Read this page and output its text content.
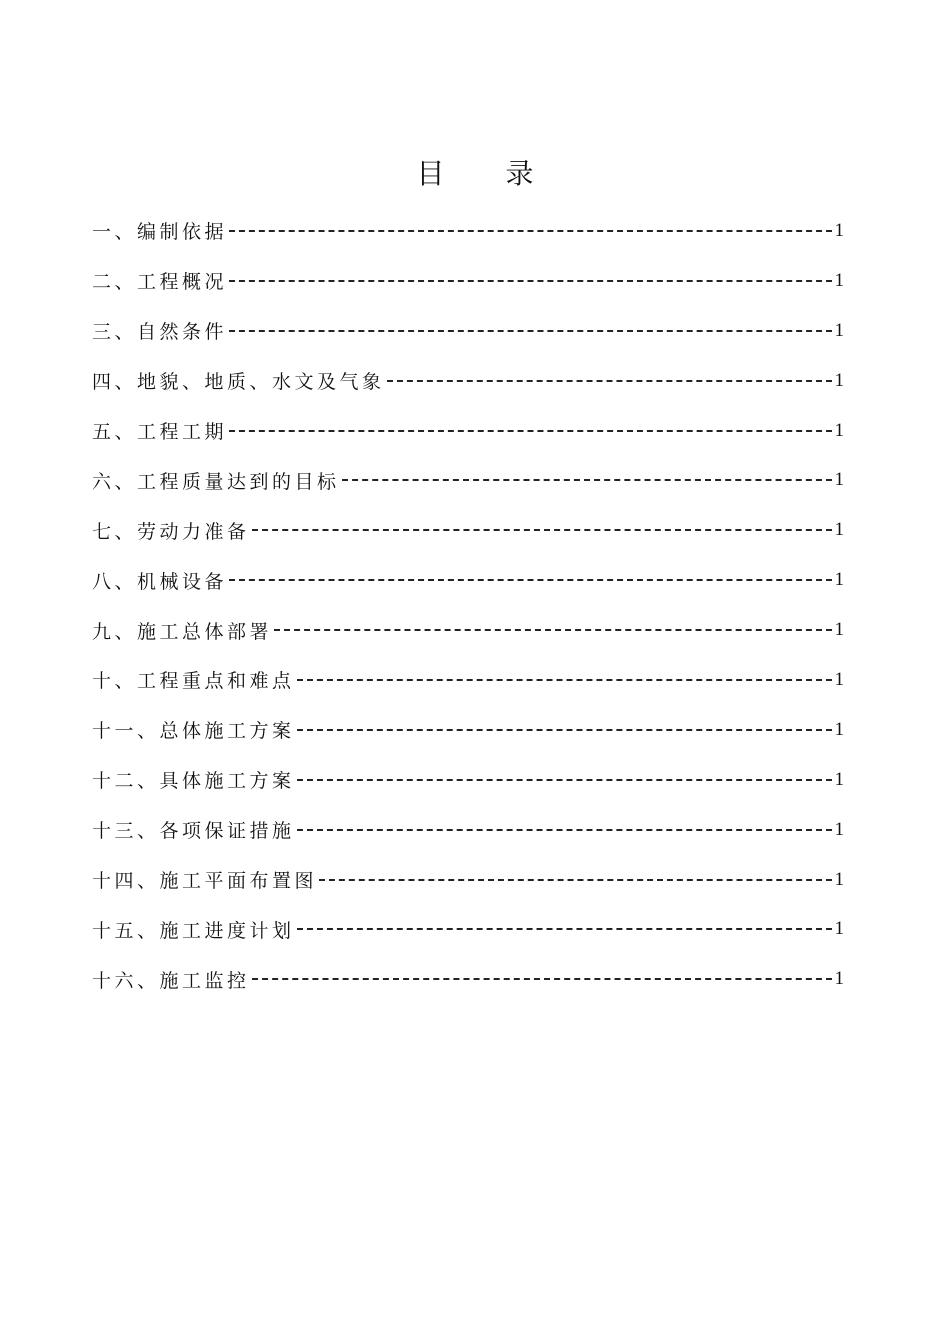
目 录
一、编制依据	1
二、工程概况	1
三、自然条件	1
四、地貌、地质、水文及气象	1
五、工程工期	1
六、工程质量达到的目标	1
七、劳动力准备	1
八、机械设备	1
九、施工总体部署	1
十、工程重点和难点	1
十一、总体施工方案	1
十二、具体施工方案	1
十三、各项保证措施	1
十四、施工平面布置图	1
十五、施工进度计划	1
十六、施工监控	1
